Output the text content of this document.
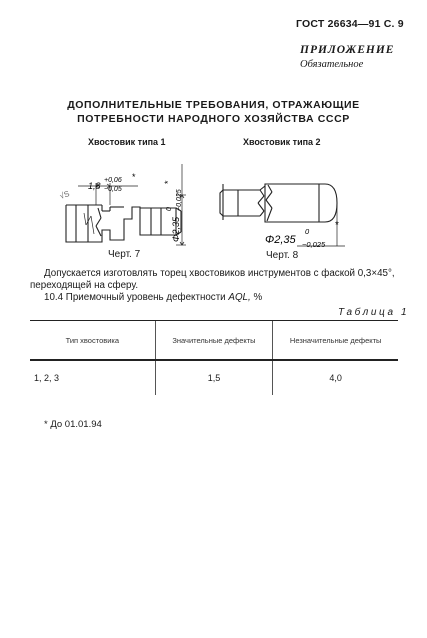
ГОСТ 26634—91 С. 9
ПРИЛОЖЕНИЕ
Обязательное
ДОПОЛНИТЕЛЬНЫЕ ТРЕБОВАНИЯ, ОТРАЖАЮЩИЕ
ПОТРЕБНОСТИ НАРОДНОГО ХОЗЯЙСТВА СССР
Хвостовик типа 1	Хвостовик типа 2
√S
1,8
+0,06
−0,05
*
Φ2,35
0 −0,025
*
Черт. 7
Φ2,35
0
−0,025
*
Черт. 8
Допускается изготовлять торец хвостовиков инструментов с фаской 0,3×45°,
переходящей на сферу.
10.4 Приемочный уровень дефектности AQL, %
Таблица 1
Тип хвостовика	Значительные дефекты	Незначительные дефекты
1, 2, 3	1,5	4,0
* До 01.01.94
